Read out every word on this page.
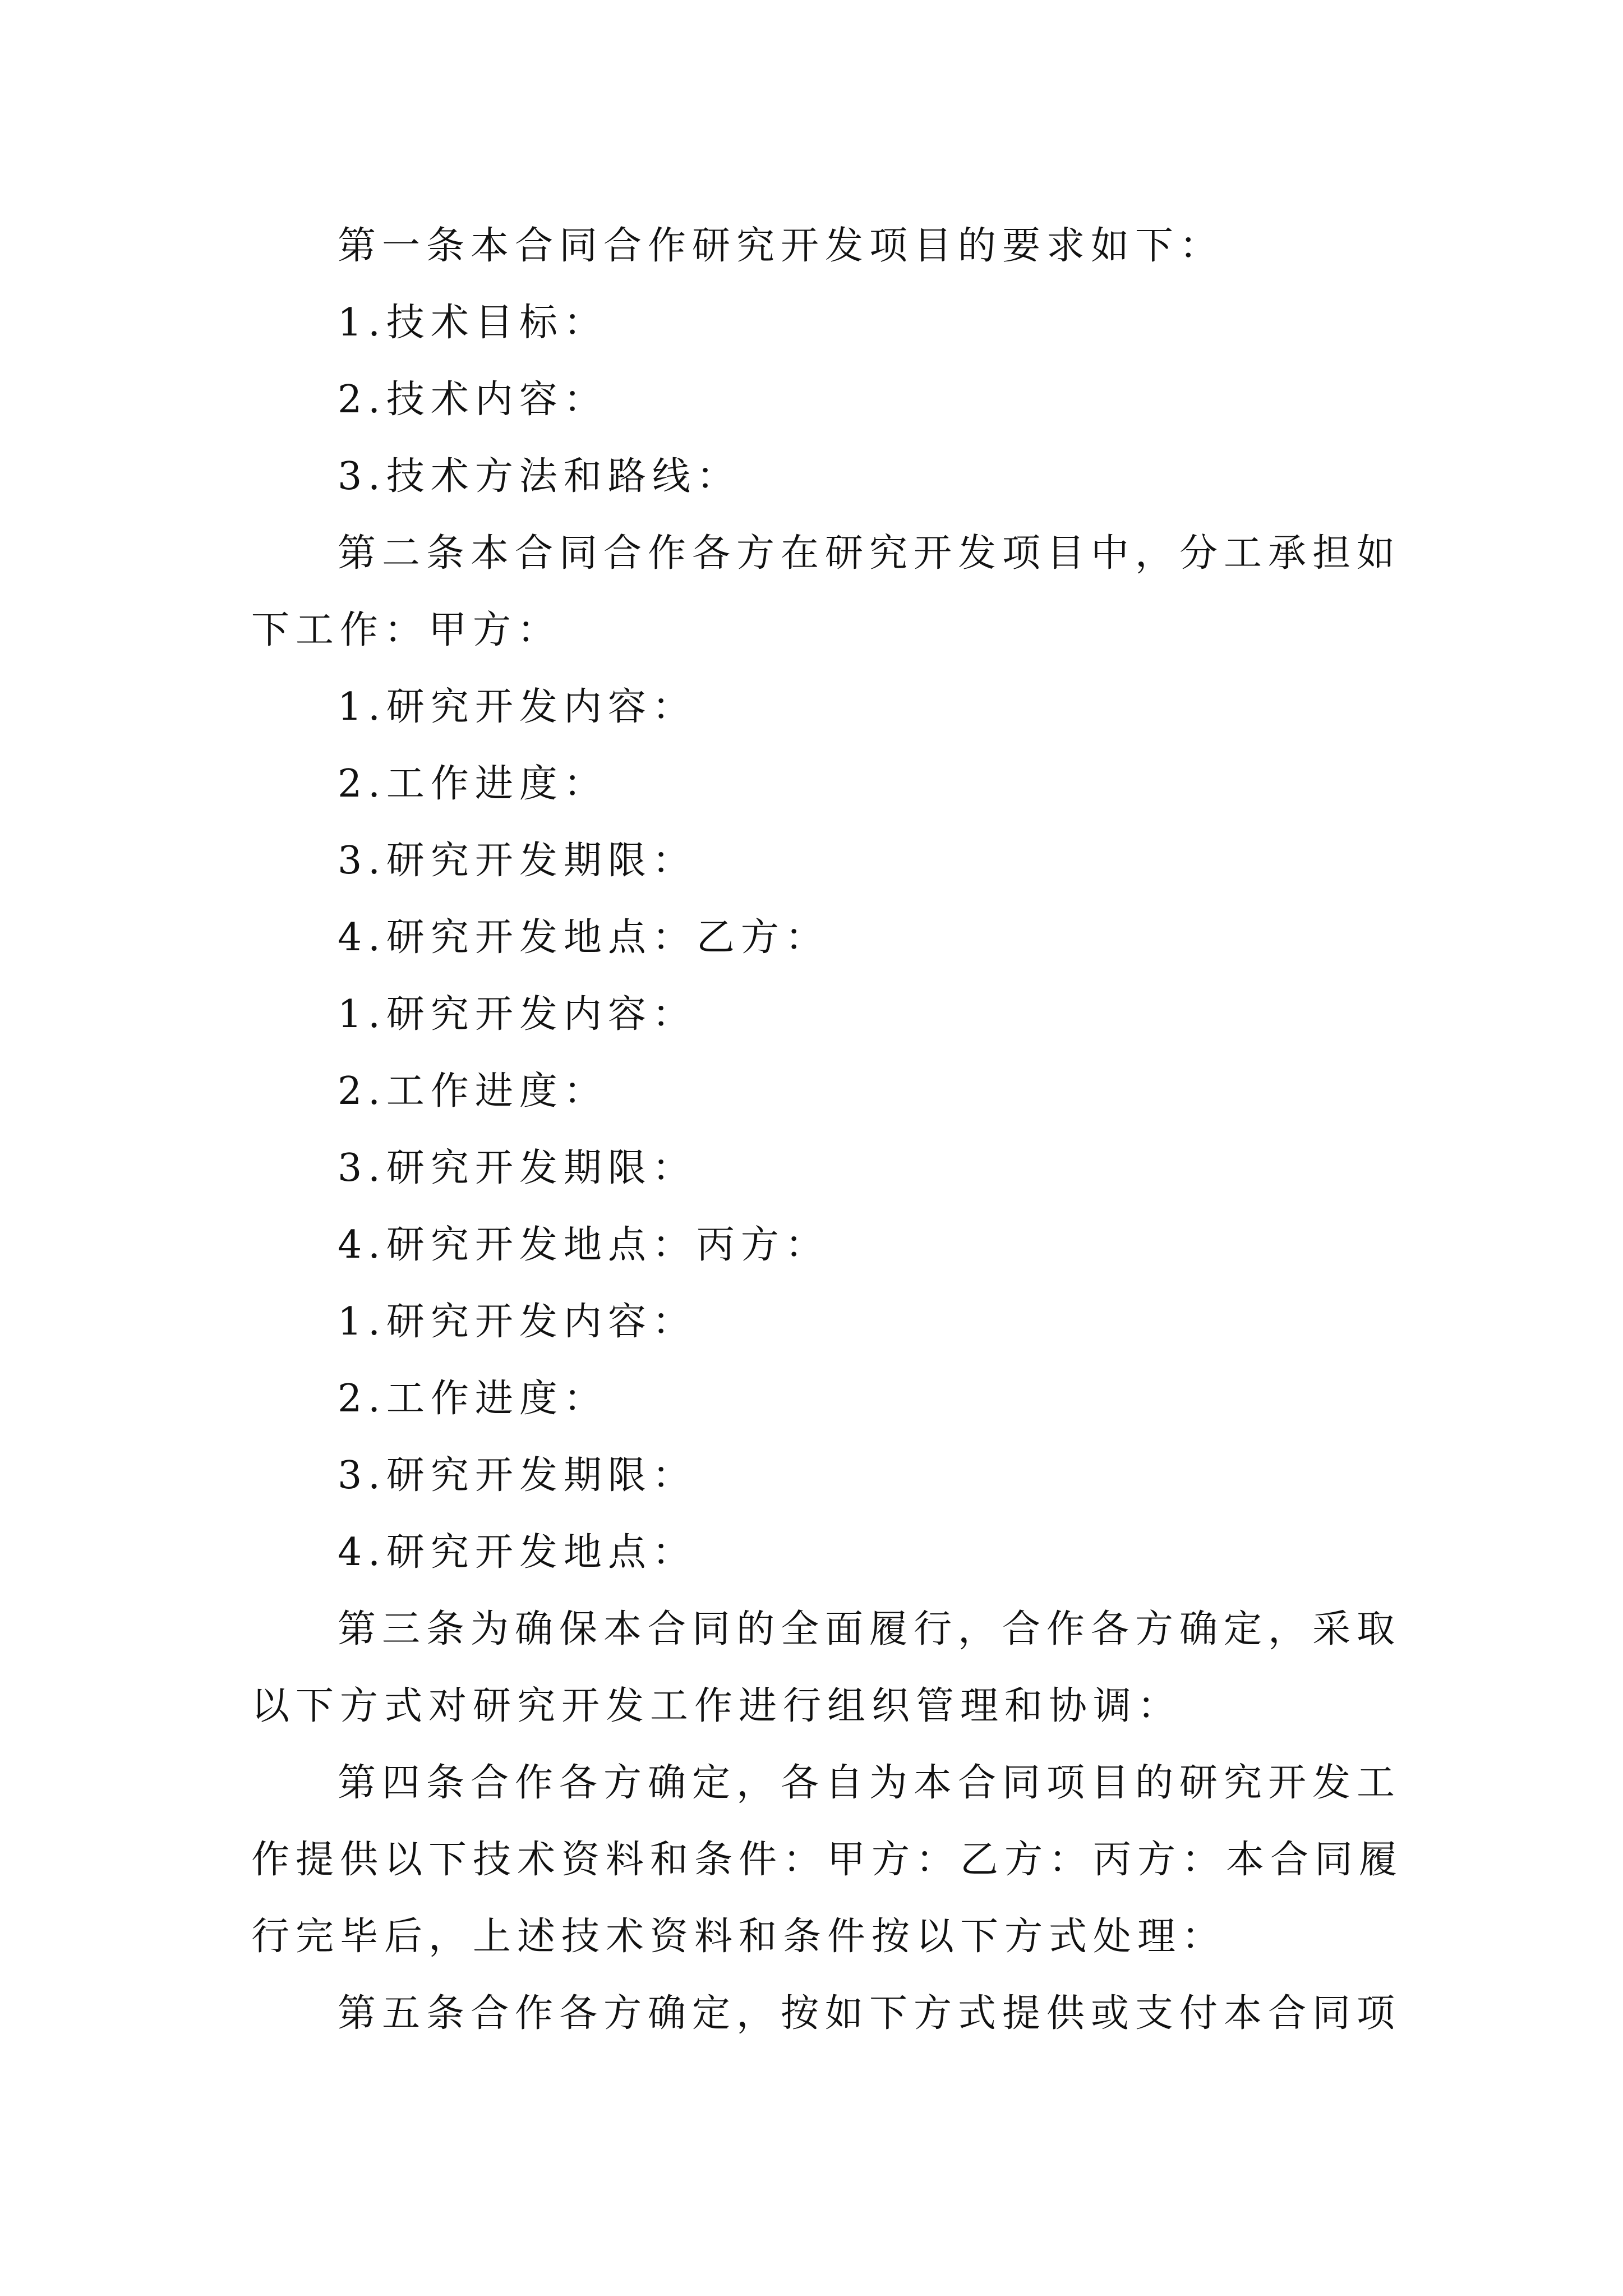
第一条本合同合作研究开发项目的要求如下：
1.技术目标：
2.技术内容：
3.技术方法和路线：
第二条本合同合作各方在研究开发项目中，分工承担如
下工作：甲方：
1.研究开发内容：
2.工作进度：
3.研究开发期限：
4.研究开发地点：乙方：
1.研究开发内容：
2.工作进度：
3.研究开发期限：
4.研究开发地点：丙方：
1.研究开发内容：
2.工作进度：
3.研究开发期限：
4.研究开发地点：
第三条为确保本合同的全面履行，合作各方确定，采取
以下方式对研究开发工作进行组织管理和协调：
第四条合作各方确定，各自为本合同项目的研究开发工
作提供以下技术资料和条件：甲方：乙方：丙方：本合同履
行完毕后，上述技术资料和条件按以下方式处理：
第五条合作各方确定，按如下方式提供或支付本合同项
